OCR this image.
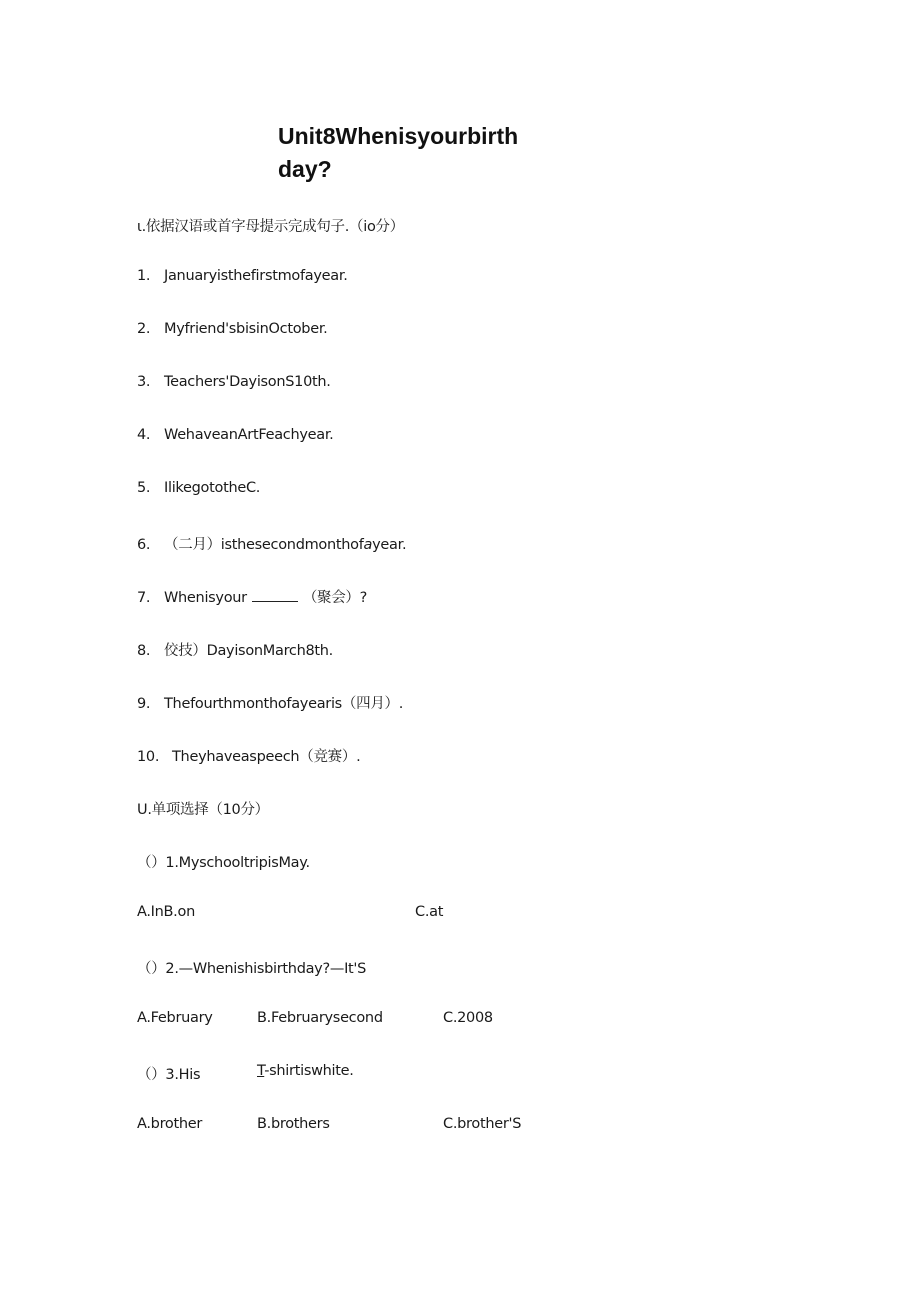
Unit8Whenisyourbirth
day?
ι.依据汉语或首字母提示完成句子.（io分）
1. Januaryisthefirstmofayear.
2. Myfriend'sbisinOctober.
3. Teachers'DayisonS10th.
4. WehaveanArtFeachyear.
5. IlikegototheC.
6. （二月）isthesecondmonthofayear.
7. Whenisyour	（聚会）?
8. 佼技）DayisonMarch8th.
9. Thefourthmonthofayearis（四月）.
10. Theyhaveaspeech（竞赛）.
U.单项选择（10分）
（）1.MyschooltripisMay.
A.InB.on	C.at
（）2.—Whenishisbirthday?—It'S
A.February	B.Februarysecond	C.2008
（）3.His	T-shirtiswhite.
A.brother	B.brothers	C.brother'S
